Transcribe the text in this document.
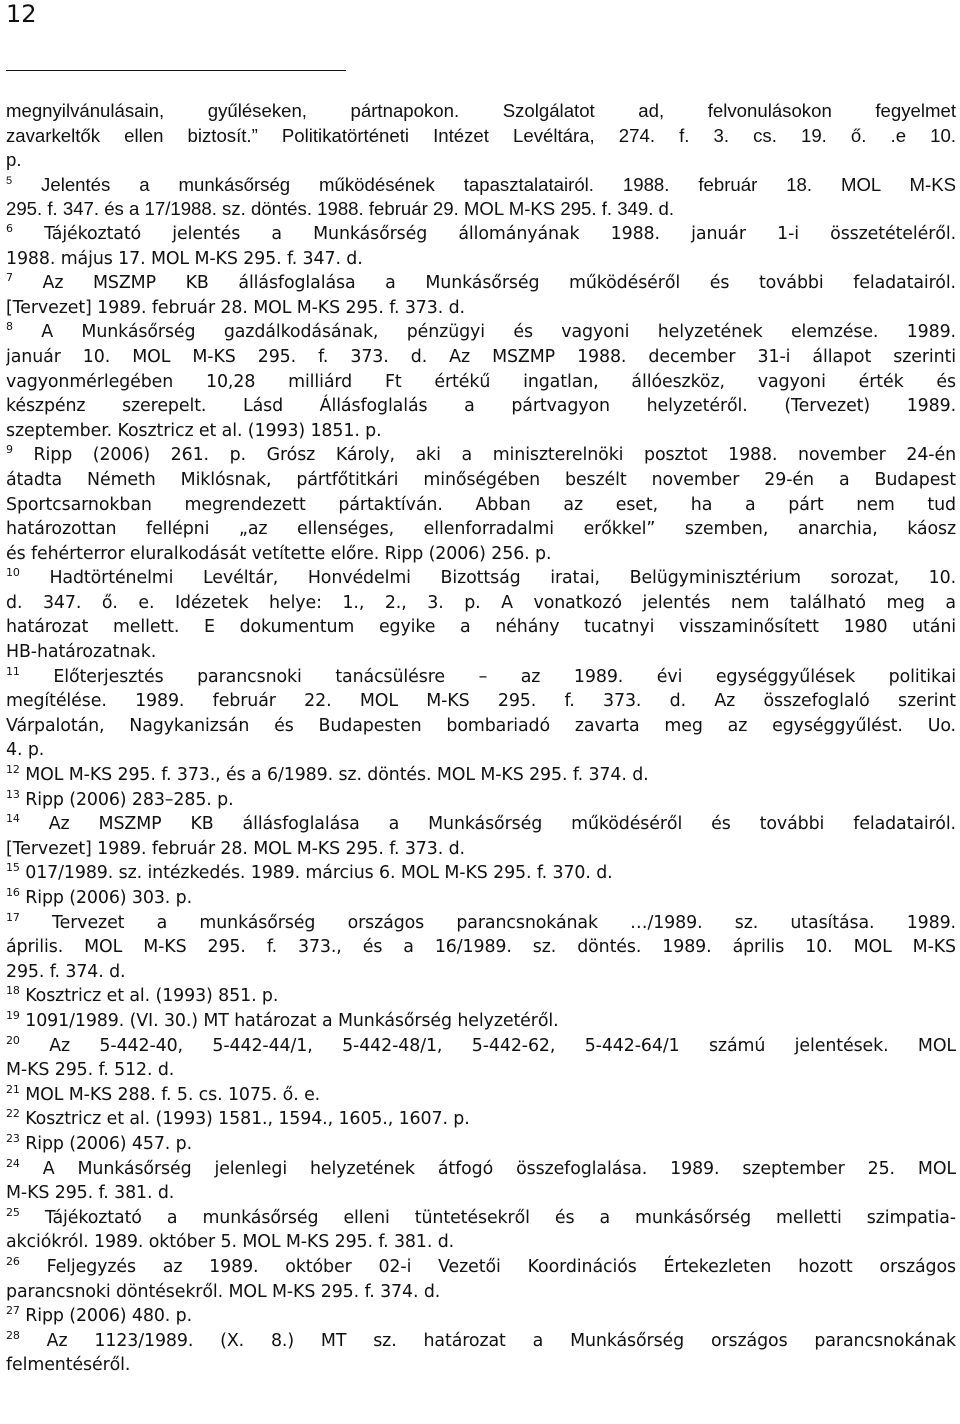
12
megnyilvánulásain, gyűléseken, pártnapokon. Szolgálatot ad, felvonulásokon fegyelmet
zavarkeltők ellen biztosít.” Politikatörténeti Intézet Levéltára, 274. f. 3. cs. 19. ő. .e 10.
p.
$^5$ Jelentés a munkásőrség működésének tapasztalatairól. 1988. február 18. MOL M-KS
295. f. 347. és a 17/1988. sz. döntés. 1988. február 29. MOL M-KS 295. f. 349. d.
$^6$ Tájékoztató jelentés a Munkásőrség állományának 1988. január 1-i összetételéről.
1988. május 17. MOL M-KS 295. f. 347. d.
$^7$ Az MSZMP KB állásfoglalása a Munkásőrség működéséről és további feladatairól.
[Tervezet] 1989. február 28. MOL M-KS 295. f. 373. d.
$^8$ A Munkásőrség gazdálkodásának, pénzügyi és vagyoni helyzetének elemzése. 1989.
január 10. MOL M-KS 295. f. 373. d. Az MSZMP 1988. december 31-i állapot szerinti
vagyonmérlegében 10,28 milliárd Ft értékű ingatlan, állóeszköz, vagyoni érték és
készpénz szerepelt. Lásd Állásfoglalás a pártvagyon helyzetéről. (Tervezet) 1989.
szeptember. Kosztricz et al. (1993) 1851. p.
$^9$ Ripp (2006) 261. p. Grósz Károly, aki a miniszterelnöki posztot 1988. november 24-én
átadta Németh Miklósnak, pártfőtitkári minőségében beszélt november 29-én a Budapest
Sportcsarnokban megrendezett pártaktíván. Abban az eset, ha a párt nem tud
határozottan fellépni „az ellenséges, ellenforradalmi erőkkel” szemben, anarchia, káosz
és fehérterror eluralkodását vetítette előre. Ripp (2006) 256. p.
$^{10}$ Hadtörténelmi Levéltár, Honvédelmi Bizottság iratai, Belügyminisztérium sorozat, 10.
d. 347. ő. e. Idézetek helye: 1., 2., 3. p. A vonatkozó jelentés nem található meg a
határozat mellett. E dokumentum egyike a néhány tucatnyi visszaminősített 1980 utáni
HB-határozatnak.
$^{11}$ Előterjesztés parancsnoki tanácsülésre – az 1989. évi egységgyűlések politikai
megítélése. 1989. február 22. MOL M-KS 295. f. 373. d. Az összefoglaló szerint
Várpalotán, Nagykanizsán és Budapesten bombariadó zavarta meg az egységgyűlést. Uo.
4. p.
$^{12}$ MOL M-KS 295. f. 373., és a 6/1989. sz. döntés. MOL M-KS 295. f. 374. d.
$^{13}$ Ripp (2006) 283–285. p.
$^{14}$ Az MSZMP KB állásfoglalása a Munkásőrség működéséről és további feladatairól.
[Tervezet] 1989. február 28. MOL M-KS 295. f. 373. d.
$^{15}$ 017/1989. sz. intézkedés. 1989. március 6. MOL M-KS 295. f. 370. d.
$^{16}$ Ripp (2006) 303. p.
$^{17}$ Tervezet a munkásőrség országos parancsnokának …/1989. sz. utasítása. 1989.
április. MOL M-KS 295. f. 373., és a 16/1989. sz. döntés. 1989. április 10. MOL M-KS
295. f. 374. d.
$^{18}$ Kosztricz et al. (1993) 851. p.
$^{19}$ 1091/1989. (VI. 30.) MT határozat a Munkásőrség helyzetéről.
$^{20}$ Az 5-442-40, 5-442-44/1, 5-442-48/1, 5-442-62, 5-442-64/1 számú jelentések. MOL
M-KS 295. f. 512. d.
$^{21}$ MOL M-KS 288. f. 5. cs. 1075. ő. e.
$^{22}$ Kosztricz et al. (1993) 1581., 1594., 1605., 1607. p.
$^{23}$ Ripp (2006) 457. p.
$^{24}$ A Munkásőrség jelenlegi helyzetének átfogó összefoglalása. 1989. szeptember 25. MOL
M-KS 295. f. 381. d.
$^{25}$ Tájékoztató a munkásőrség elleni tüntetésekről és a munkásőrség melletti szimpatia-
akciókról. 1989. október 5. MOL M-KS 295. f. 381. d.
$^{26}$ Feljegyzés az 1989. október 02-i Vezetői Koordinációs Értekezleten hozott országos
parancsnoki döntésekről. MOL M-KS 295. f. 374. d.
$^{27}$ Ripp (2006) 480. p.
$^{28}$ Az 1123/1989. (X. 8.) MT sz. határozat a Munkásőrség országos parancsnokának
felmentéséről.
